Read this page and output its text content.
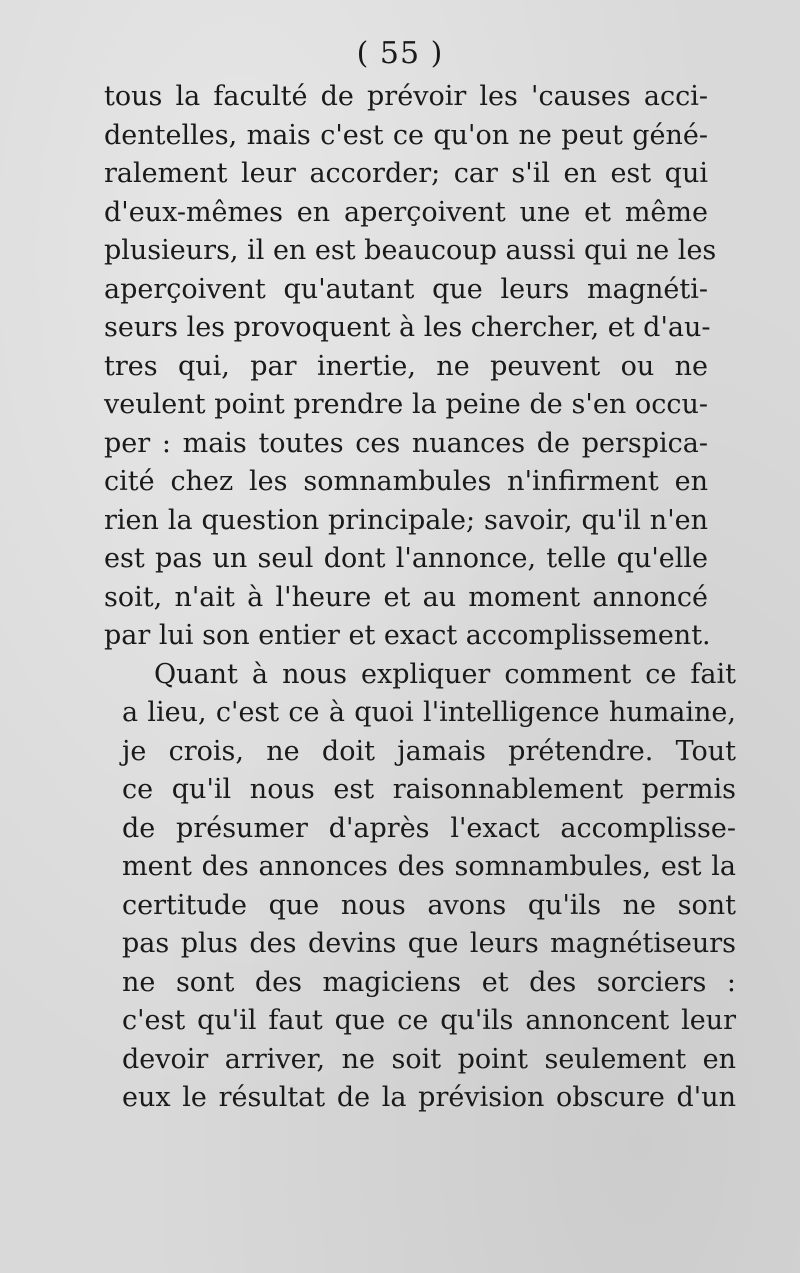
( 55 )
tous la faculté de prévoir les 'causes acci-
dentelles, mais c'est ce qu'on ne peut géné-
ralement leur accorder; car s'il en est qui
d'eux-mêmes en aperçoivent une et même
plusieurs, il en est beaucoup aussi qui ne les
aperçoivent qu'autant que leurs magnéti-
seurs les provoquent à les chercher, et d'au-
tres qui, par inertie, ne peuvent ou ne
veulent point prendre la peine de s'en occu-
per : mais toutes ces nuances de perspica-
cité chez les somnambules n'infirment en
rien la question principale; savoir, qu'il n'en
est pas un seul dont l'annonce, telle qu'elle
soit, n'ait à l'heure et au moment annoncé
par lui son entier et exact accomplissement.
Quant à nous expliquer comment ce fait
a lieu, c'est ce à quoi l'intelligence humaine,
je crois, ne doit jamais prétendre. Tout
ce qu'il nous est raisonnablement permis
de présumer d'après l'exact accomplisse-
ment des annonces des somnambules, est la
certitude que nous avons qu'ils ne sont
pas plus des devins que leurs magnétiseurs
ne sont des magiciens et des sorciers :
c'est qu'il faut que ce qu'ils annoncent leur
devoir arriver, ne soit point seulement en
eux le résultat de la prévision obscure d'un
